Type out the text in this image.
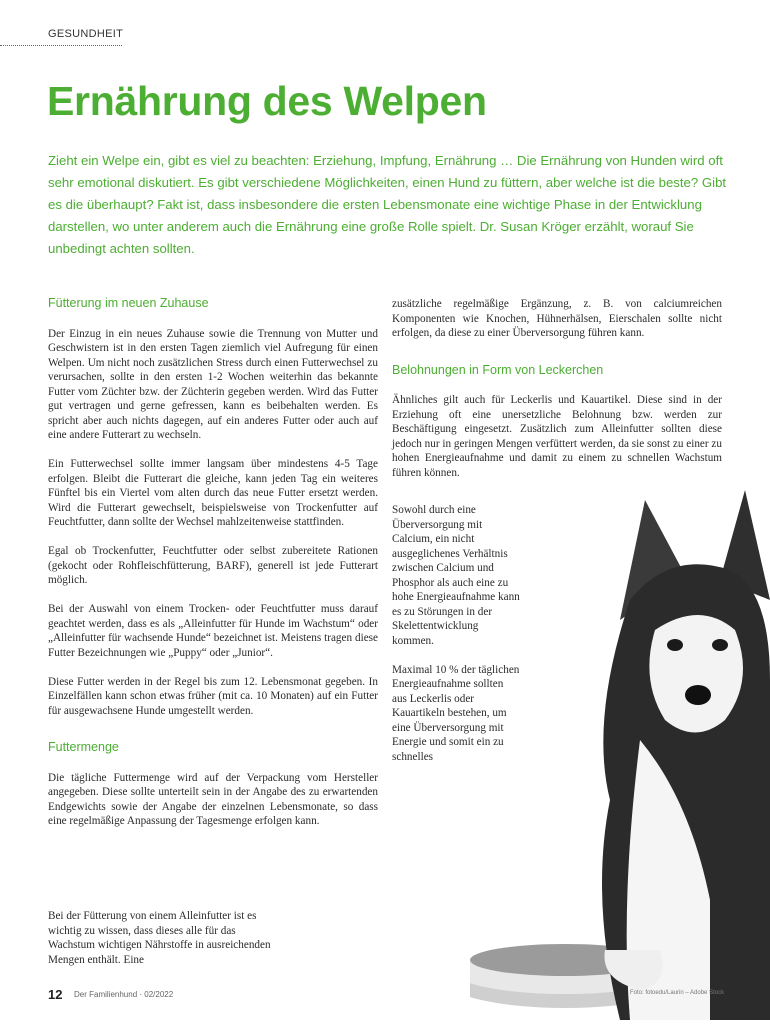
GESUNDHEIT
Ernährung des Welpen

Zieht ein Welpe ein, gibt es viel zu beachten: Erziehung, Impfung, Ernährung … Die Ernährung von Hunden wird oft sehr emotional diskutiert. Es gibt verschiedene Möglichkeiten, einen Hund zu füttern, aber welche ist die beste? Gibt es die überhaupt? Fakt ist, dass insbesondere die ersten Lebensmonate eine wichtige Phase in der Entwicklung darstellen, wo unter anderem auch die Ernährung eine große Rolle spielt. Dr. Susan Kröger erzählt, worauf Sie unbedingt achten sollten.

Fütterung im neuen Zuhause

Der Einzug in ein neues Zuhause sowie die Trennung von Mutter und Geschwistern ist in den ersten Tagen ziemlich viel Aufregung für einen Welpen. Um nicht noch zusätzlichen Stress durch einen Futterwechsel zu verursachen, sollte in den ersten 1-2 Wochen weiterhin das bekannte Futter vom Züchter bzw. der Züchterin gegeben werden. Wird das Futter gut vertragen und gerne gefressen, kann es beibehalten werden. Es spricht aber auch nichts dagegen, auf ein anderes Futter oder auch auf eine andere Futterart zu wechseln.

Ein Futterwechsel sollte immer langsam über mindestens 4-5 Tage erfolgen. Bleibt die Futterart die gleiche, kann jeden Tag ein weiteres Fünftel bis ein Viertel vom alten durch das neue Futter ersetzt werden. Wird die Futterart gewechselt, beispielsweise von Trockenfutter auf Feuchtfutter, dann sollte der Wechsel mahlzeitenweise stattfinden.

Egal ob Trockenfutter, Feuchtfutter oder selbst zubereitete Rationen (gekocht oder Rohfleischfütterung, BARF), generell ist jede Futterart möglich.

Bei der Auswahl von einem Trocken- oder Feuchtfutter muss darauf geachtet werden, dass es als „Alleinfutter für Hunde im Wachstum“ oder „Alleinfutter für wachsende Hunde“ bezeichnet ist. Meistens tragen diese Futter Bezeichnungen wie „Puppy“ oder „Junior“.

Diese Futter werden in der Regel bis zum 12. Lebensmonat gegeben. In Einzelfällen kann schon etwas früher (mit ca. 10 Monaten) auf ein Futter für ausgewachsene Hunde umgestellt werden.

Futtermenge

Die tägliche Futtermenge wird auf der Verpackung vom Hersteller angegeben. Diese sollte unterteilt sein in der Angabe des zu erwartenden Endgewichts sowie der Angabe der einzelnen Lebensmonate, so dass eine regelmäßige Anpassung der Tagesmenge erfolgen kann.

Bei der Fütterung von einem Alleinfutter ist es wichtig zu wissen, dass dieses alle für das Wachstum wichtigen Nährstoffe in ausreichenden Mengen enthält. Eine

zusätzliche regelmäßige Ergänzung, z. B. von calciumreichen Komponenten wie Knochen, Hühnerhälsen, Eierschalen sollte nicht erfolgen, da diese zu einer Überversorgung führen kann.

Belohnungen in Form von Leckerchen

Ähnliches gilt auch für Leckerlis und Kauartikel. Diese sind in der Erziehung oft eine unersetzliche Belohnung bzw. werden zur Beschäftigung eingesetzt. Zusätzlich zum Alleinfutter sollten diese jedoch nur in geringen Mengen verfüttert werden, da sie sonst zu einer zu hohen Energieaufnahme und damit zu einem zu schnellen Wachstum führen können.

Sowohl durch eine Überversorgung mit Calcium, ein nicht ausgeglichenes Verhältnis zwischen Calcium und Phosphor als auch eine zu hohe Energieaufnahme kann es zu Störungen in der Skelettentwicklung kommen.

Maximal 10 % der täglichen Energieaufnahme sollten aus Leckerlis oder Kauartikeln bestehen, um eine Überversorgung mit Energie und somit ein zu schnelles

12 Der Familienhund · 02/2022	Foto: fotoedu/Laurin – Adobe Stock
